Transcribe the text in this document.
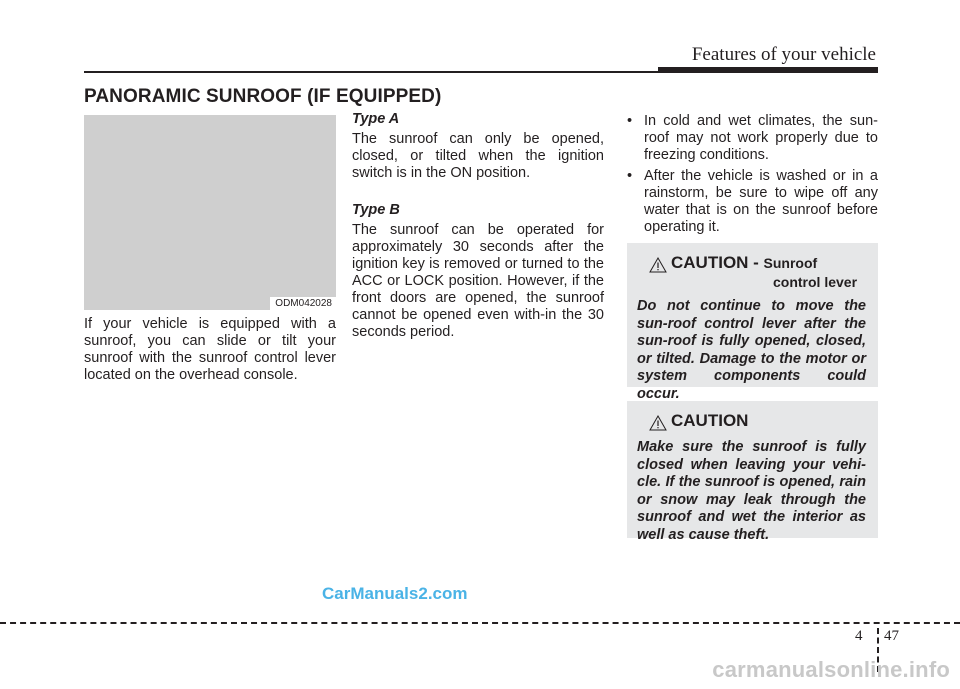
Features of your vehicle
PANORAMIC SUNROOF (IF EQUIPPED)
ODM042028

If your vehicle is equipped with a sunroof, you can slide or tilt your sunroof with the sunroof control lever located on the overhead console.

Type A

The sunroof can only be opened, closed, or tilted when the ignition switch is in the ON position.

Type B

The sunroof can be operated for approximately 30 seconds after the ignition key is removed or turned to the ACC or LOCK position. However, if the front doors are opened, the sunroof cannot be opened even with-in the 30 seconds period.

• In cold and wet climates, the sun-roof may not work properly due to freezing conditions.

• After the vehicle is washed or in a rainstorm, be sure to wipe off any water that is on the sunroof before operating it.

CAUTION - Sunroof
control lever
Do not continue to move the sun-roof control lever after the sun-roof is fully opened, closed, or tilted. Damage to the motor or system components could occur.
CAUTION
Make sure the sunroof is fully closed when leaving your vehi-cle. If the sunroof is opened, rain or snow may leak through the sunroof and wet the interior as well as cause theft.
CarManuals2.com
4 47
carmanualsonline.info
